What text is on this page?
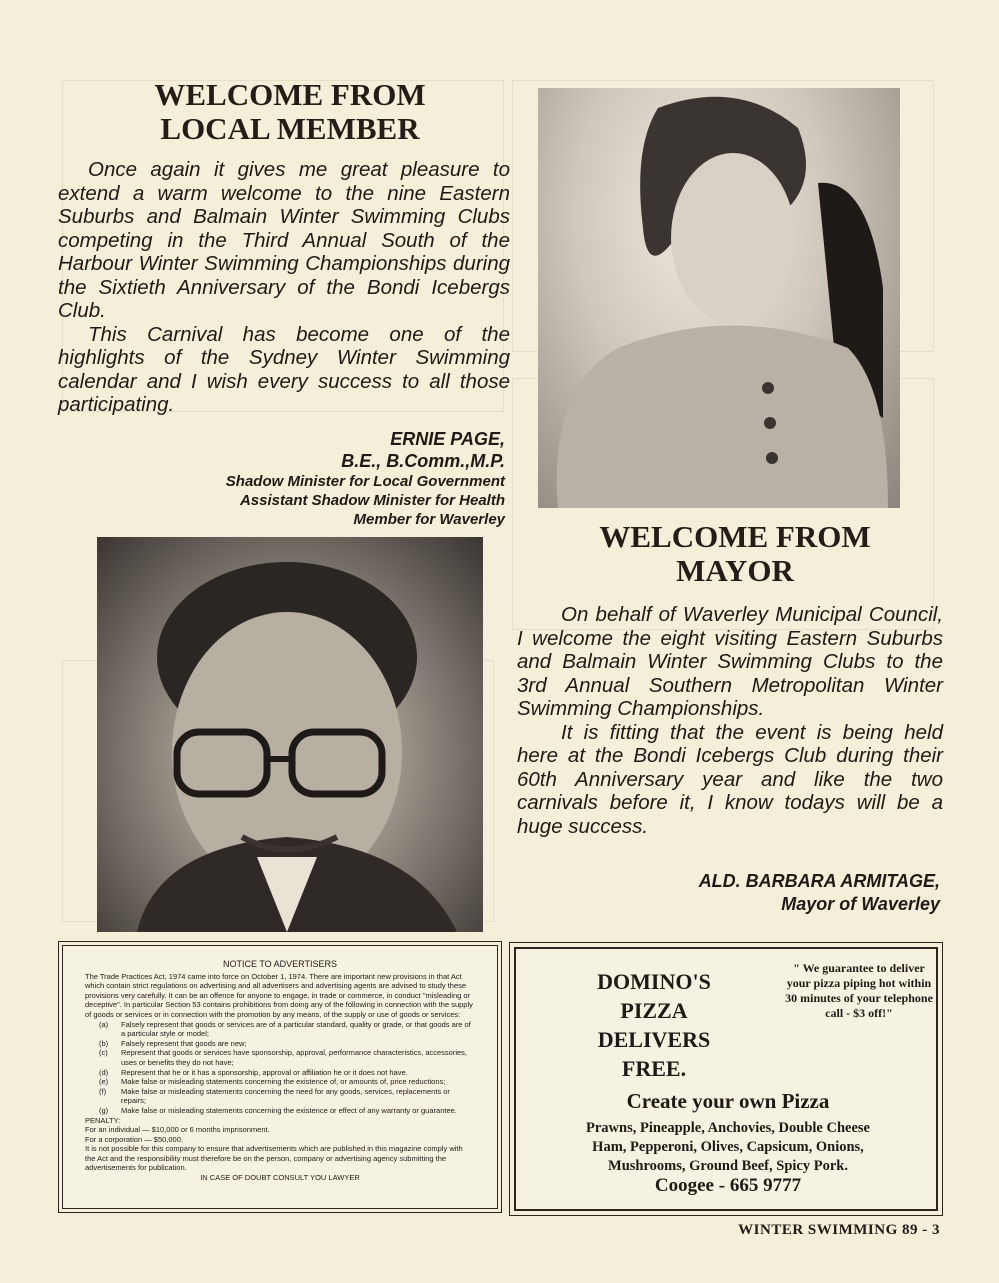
WELCOME FROM
LOCAL MEMBER
Once again it gives me great pleasure to extend a warm welcome to the nine Eastern Suburbs and Balmain Winter Swimming Clubs competing in the Third Annual South of the Harbour Winter Swimming Championships during the Sixtieth Anniversary of the Bondi Icebergs Club.
This Carnival has become one of the highlights of the Sydney Winter Swimming calendar and I wish every success to all those participating.
ERNIE PAGE,
B.E., B.Comm.,M.P.
Shadow Minister for Local Government
Assistant Shadow Minister for Health
Member for Waverley	WELCOME FROM
MAYOR
On behalf of Waverley Municipal Council, I welcome the eight visiting Eastern Suburbs and Balmain Winter Swimming Clubs to the 3rd Annual Southern Metropolitan Winter Swimming Championships.
It is fitting that the event is being held here at the Bondi Icebergs Club during their 60th Anniversary year and like the two carnivals before it, I know todays will be a huge success.
ALD. BARBARA ARMITAGE,
Mayor of Waverley
NOTICE TO ADVERTISERS
The Trade Practices Act, 1974 came into force on October 1, 1974. There are important new provisions in that Act which contain strict regulations on advertising and all advertisers and advertising agents are advised to study these provisions very carefully. It can be an offence for anyone to engage, in trade or commerce, in conduct "misleading or deceptive". In particular Section 53 contains prohibitions from doing any of the following in connection with the supply of goods or services or in connection with the promotion by any means, of the supply or use of goods or services:
(a)	Falsely represent that goods or services are of a particular standard, quality or grade, or that goods are of a particular style or model;
(b)	Falsely represent that goods are new;
(c)	Represent that goods or services have sponsorship, approval, performance characteristics, accessories, uses or benefits they do not have;
(d)	Represent that he or it has a sponsorship, approval or affiliation he or it does not have.
(e)	Make false or misleading statements concerning the existence of, or amounts of, price reductions;
(f)	Make false or misleading statements concerning the need for any goods, services, replacements or repairs;
(g)	Make false or misleading statements concerning the existence or effect of any warranty or guarantee.
PENALTY:
For an individual — $10,000 or 6 months imprisonment.
For a corporation — $50,000.
It is not possible for this company to ensure that advertisements which are published in this magazine comply with the Act and the responsibility must therefore be on the person, company or advertising agency submitting the advertisements for publication.
IN CASE OF DOUBT CONSULT YOU LAWYER
DOMINO'S
PIZZA
DELIVERS
FREE.
" We guarantee to deliver your pizza piping hot within 30 minutes of your telephone call - $3 off!"
Create your own Pizza
Prawns, Pineapple, Anchovies, Double Cheese
Ham, Pepperoni, Olives, Capsicum, Onions,
Mushrooms, Ground Beef, Spicy Pork.
Coogee - 665 9777
WINTER SWIMMING 89 - 3
